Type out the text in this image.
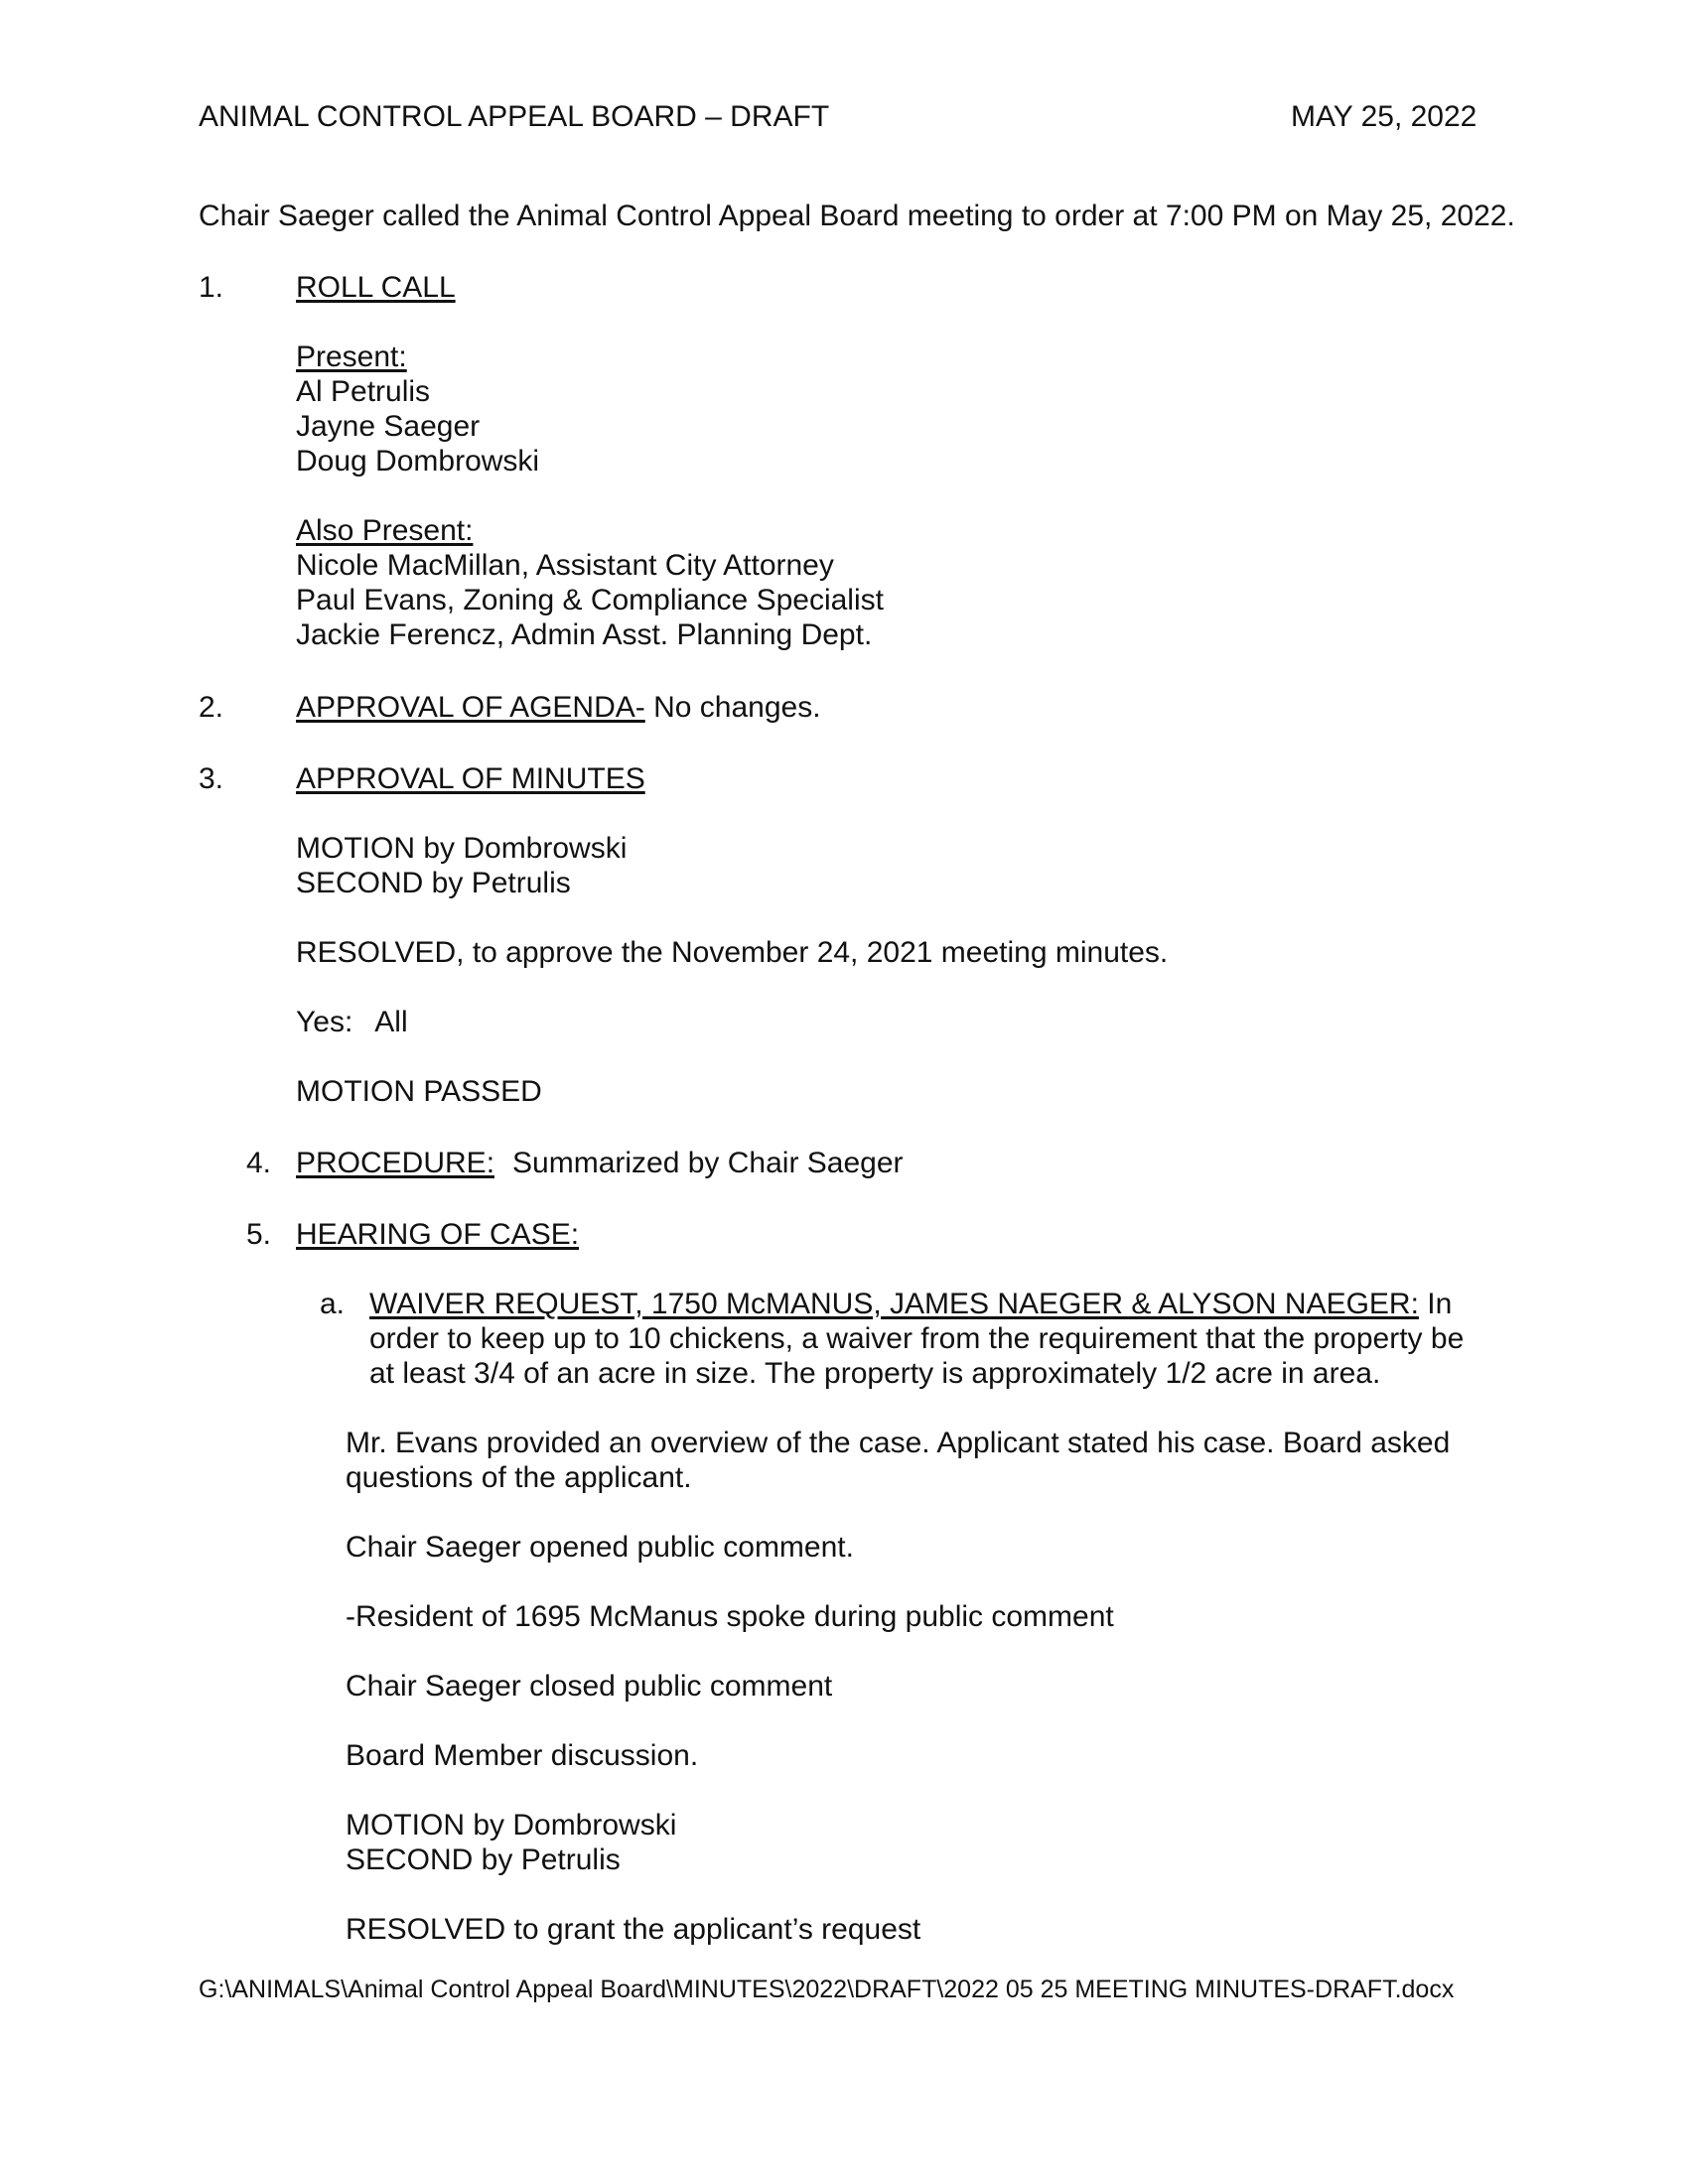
ANIMAL CONTROL APPEAL BOARD – DRAFT	MAY 25, 2022
Chair Saeger called the Animal Control Appeal Board meeting to order at 7:00 PM on May 25, 2022.
1. ROLL CALL
Present:
Al Petrulis
Jayne Saeger
Doug Dombrowski
Also Present:
Nicole MacMillan, Assistant City Attorney
Paul Evans, Zoning & Compliance Specialist
Jackie Ferencz, Admin Asst. Planning Dept.
2. APPROVAL OF AGENDA- No changes.
3. APPROVAL OF MINUTES
MOTION by Dombrowski
SECOND by Petrulis
RESOLVED, to approve the November 24, 2021 meeting minutes.
Yes: All
MOTION PASSED
4. PROCEDURE: Summarized by Chair Saeger
5. HEARING OF CASE:
a. WAIVER REQUEST, 1750 McMANUS, JAMES NAEGER & ALYSON NAEGER: In
order to keep up to 10 chickens, a waiver from the requirement that the property be
at least 3/4 of an acre in size. The property is approximately 1/2 acre in area.
Mr. Evans provided an overview of the case. Applicant stated his case. Board asked
questions of the applicant.
Chair Saeger opened public comment.
-Resident of 1695 McManus spoke during public comment
Chair Saeger closed public comment
Board Member discussion.
MOTION by Dombrowski
SECOND by Petrulis
RESOLVED to grant the applicant’s request
G:\ANIMALS\Animal Control Appeal Board\MINUTES\2022\DRAFT\2022 05 25 MEETING MINUTES-DRAFT.docx
